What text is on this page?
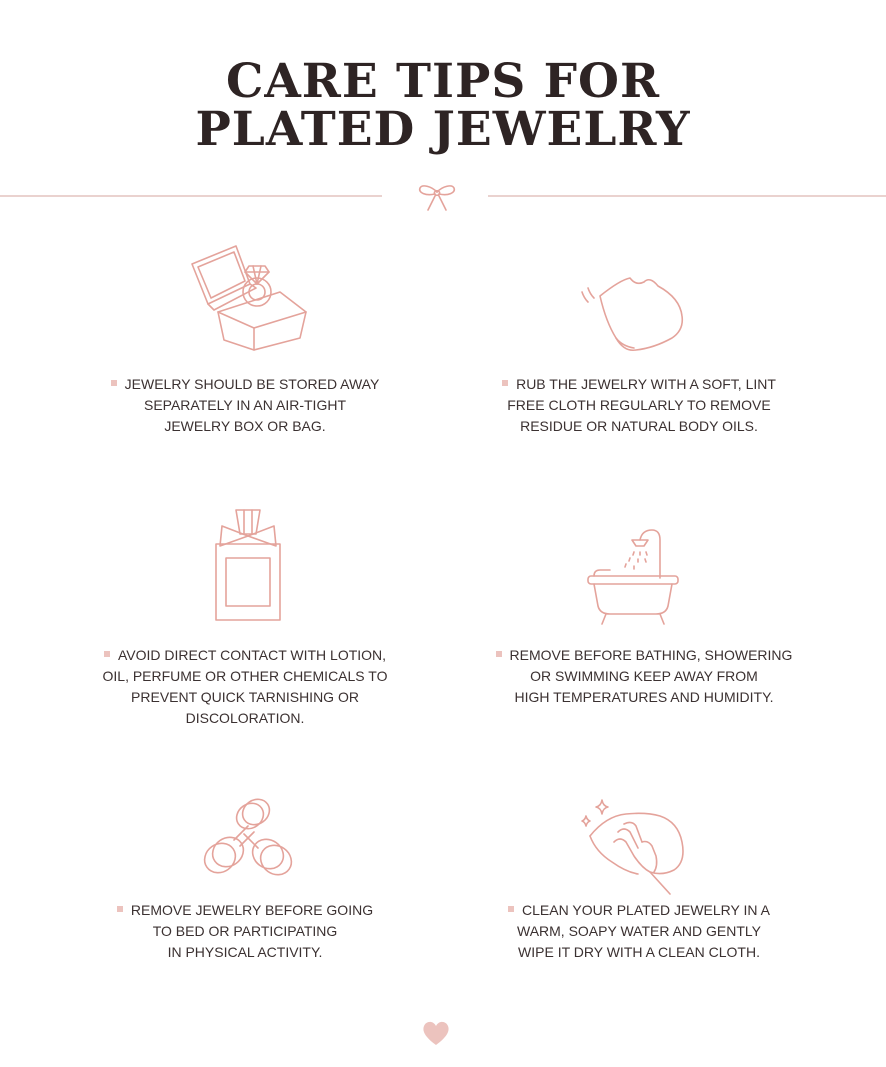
CARE TIPS FOR
PLATED JEWELRY
JEWELRY SHOULD BE STORED AWAY
SEPARATELY IN AN AIR-TIGHT
JEWELRY BOX OR BAG.
RUB THE JEWELRY WITH A SOFT, LINT
FREE CLOTH REGULARLY TO REMOVE
RESIDUE OR NATURAL BODY OILS.
AVOID DIRECT CONTACT WITH LOTION,
OIL, PERFUME OR OTHER CHEMICALS TO
PREVENT QUICK TARNISHING OR
DISCOLORATION.
REMOVE BEFORE BATHING, SHOWERING
OR SWIMMING KEEP AWAY FROM
HIGH TEMPERATURES AND HUMIDITY.
REMOVE JEWELRY BEFORE GOING
TO BED OR PARTICIPATING
IN PHYSICAL ACTIVITY.
CLEAN YOUR PLATED JEWELRY IN A
WARM, SOAPY WATER AND GENTLY
WIPE IT DRY WITH A CLEAN CLOTH.
